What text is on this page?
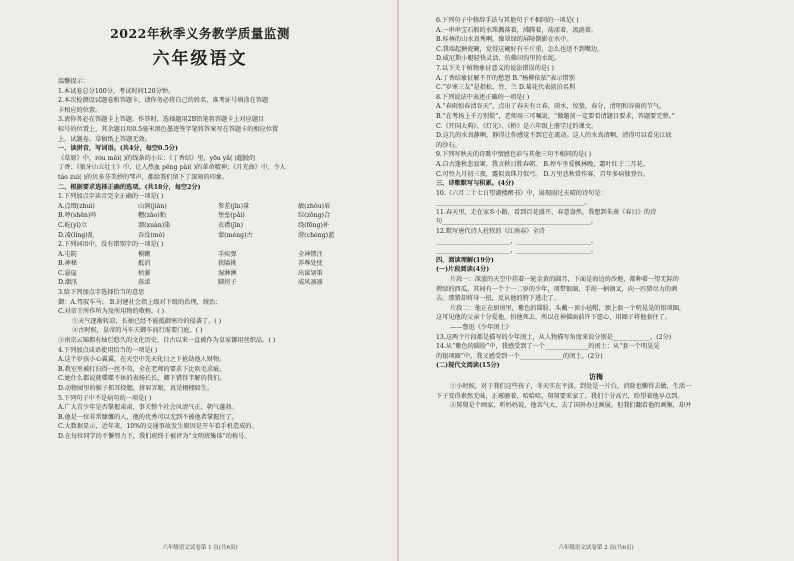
2022年秋季义务教学质量监测
六年级语文
温馨提示：
1.本试卷总分100分，考试时间120分钟。
2.本次检测设试题卷和答题卡，请你务必将自己的姓名、准考证号填涂在答题
卡相应的位置。
3.请你务必在答题卡上答题。作答时，选择题用2B铅笔将答题卡上对应题目
标号的位置上，其余题目用0.5毫米黑色墨迹签字笔将答案写在答题卡的相应位置
上，试题卷、草稿纸上答题无效。
一、读拼音，写词语。(共4分，每空0.5分)
《草原》中，róu měi( )的线条的小丘；《丁香结》里，yōu yǎ( )超脱的
丁香；《狼牙山五壮士》中，让人热血 pēng pài( )的革命精神；《月光曲》中，令人
táo zuì( )的贝多芬美妙的琴声，都给我们留下了深刻的印象。
二、根据要求选择正确的选项。(共18分，每空2分)
1.下列加点字读音完全正确的一项是( )
A.点缀(zhuì)	山涧(jiàn)	参差(jīn)量	敏(zhǒu)眉
B.哼(shēn)吟	糟(zāo)粕	堡垒(pǎi)	综(zōng)合
C.屹(yì)立	溜(xuàn)染	衣襟(jīn)	绕(fēng)补
D.凌(líng)乱	吞没(mò)	蒙(méng)古	澄(chéng)蓝
2.下列词语中，没有错别字的一项是( )
A.屯院	模糊	手疾弹	全神惯注
B.神秘	抵消	狭隘挑	养尊处忧
C.悬崖	枯萎	湿淋淋	出谋划策
D.潮汛	荡漾	脚拐子	威风凛凛
3.给下列加点字选择恰当的意思
御：A.驾驭车马； B.封建社会指上级对下级的治理，统治；
C.对帝王所作所为及所用物的敬称。( )
①天气逐渐转凉，长袖已经不能抵御寒冷的侵袭了。( )
②古时候，皇帝的马车夫御车而行需要门庭。( )
③南京云锦拥有灿烂悠久的文化历史，自古以来一直被作为皇家御用丝织品。( )
4.下列加点成语使用恰当的一项是( )
A.这个岁孩小心翼翼，在天空中先天化日之下抢劫他人财物。
B.教室里被打扫得一丝不苟，全在老师的要求下比吹毛求疵。
C.她什么都说就喋喋不休的表扬长长，卿下错得半解的我们。
D.动物园里的猴子抓耳挠腮，挤眉弄眼，真是栩栩如生。
5.下列句子中不是病句的一项是( )
A.广大青少年是否掌握肃肃，事关整个社会风清气正、朝气蓬勃。
B.他是一位非常慷慨的人，他的优秀可以无到不被他者掌握住了。
C.大数据显示，近年来，10%的交通事故发生原因是开车看手机造成的。
D.在每位同学的不懈努力下，我们班终于被评为“文明班集体”的称号。
六年级语文试卷第 1 页(共6页)
6.下列句子中修辞手法与其他句子不相同的一项是( )
A.一串串宝石般的水珠溅落着，沸腾着，荡漾着，流淌着。
B.桂林的山水真秀啊，像翠绿的屏障倒影在水中。
C.我端起搪瓷碗，觉得这碗好有千斤重，怎么也送不到嘴边。
D.威尼斯小艇轻快灵活，仿佛田沟里的水蛇。
7.以下关于植物象征意义的说法错误的是( )
A.丁香结象征解不开的愁怨 B.“杨柳依依”表示惜别
C.“岁寒三友”是指松、竹、兰 D.菊花代表淡泊名利
8.下列说法中表述正确的一项是( )
A.“春雨惊春清谷天”，点出了春天有立春，雨水，惊蛰，春分，清明和谷雨的节气。
B.“在考场上千万别慌”，老师用三可嘱说，“做题前一定要看清题目要求，答题要完整。”
C.《开国大典》、《灯光》、《桥》是六年级上册学过的课文。
D.这几的水真静啊，静得让你感觉不到它在流动。这人的水真清啊，清得可以看见江底
的沙石。
9.下列写秋天的诗歌中情感色彩与其他三句不相同的是( )
A.自古逢秋悲寂寥，我言秋日胜春朝。 B.停车坐爱枫林晚，霜叶红于二月花。
C.可怜九月初三夜，露似真珠月似弓。 D.万里悲秋常作客，百年多病独登台。
三、诗歌默写与积累。(4分)
10.《六月二十七日望湖楼醉书》中，展现雨过天晴的诗句是：
________________________________________________。
11.春天里，走在家乡小路，看到百花盛开、春意盎然，我想到朱熹《春日》的诗
句________________________________________________。
12.默写唐代诗人杜牧的《江南春》全诗
________________________，________________________。
________________________，________________________。
四、阅读理解(19分)
(一)片段阅读(4分)
片段一：深蓝的天空中挂着一轮金黄的圆月，下面是海边的沙地，都种着一望无际的
碧绿的西瓜。其间有一个十一二岁的少年，项带银圈，手捏一柄钢叉，向一匹猹尽力的刺
去。那猹却将身一扭，反从他的胯下逃走了。
片段二：他正在厨房里，紫色的圆脸，头戴一顶小毡帽，颈上套一个明晃晃的银项圈，
这可见他的父亲十分爱他，怕他死去，所以在神佛面前许下愿心，用圈子将他套住了。
——鲁迅《少年闰土》
13.这两个片段都是描写的少年闰土，从人物描写角度来说分别是____________。(2分)
14.从“紫色的圆脸”中，我感受到了一个______________的闰土；从“套一个明晃晃
的银项圈”中，我又感受到一个______________的闰土。(2分)
(二)现代文阅读(15分)
访梅
①小时候，对于我们这些孩子，冬天实在平淡，到处是一片白，消除也懒得去做，生活一
下子变得素然无味，正琢磨着，哈哈哈，舅舅要来家了。我们十分高兴，盼望着他早点到。
②舅舅是个画家，听妈妈说，他名气大，去了国外办过画展。但我们翻看他的画集，却并
六年级语文试卷第 2 页(共6页)
